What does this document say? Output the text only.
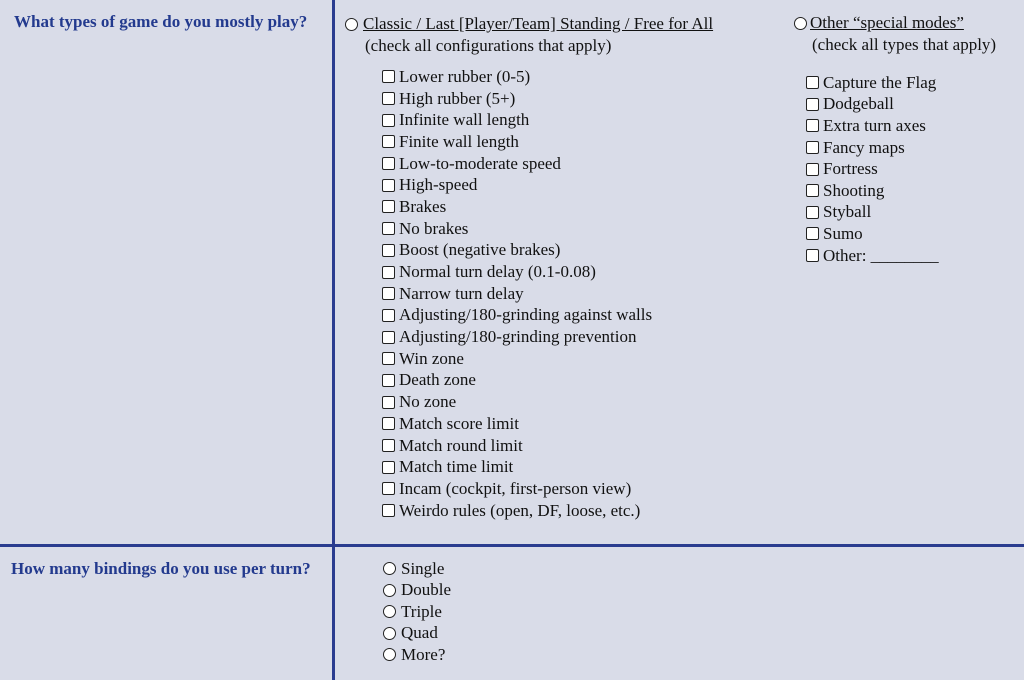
What types of game do you mostly play?	Classic / Last [Player/Team] Standing / Free for All
(check all configurations that apply)
Lower rubber (0-5)
High rubber (5+)
Infinite wall length
Finite wall length
Low-to-moderate speed
High-speed
Brakes
No brakes
Boost (negative brakes)
Normal turn delay (0.1-0.08)
Narrow turn delay
Adjusting/180-grinding against walls
Adjusting/180-grinding prevention
Win zone
Death zone
No zone
Match score limit
Match round limit
Match time limit
Incam (cockpit, first-person view)
Weirdo rules (open, DF, loose, etc.)
Other “special modes”
(check all types that apply)
Capture the Flag
Dodgeball
Extra turn axes
Fancy maps
Fortress
Shooting
Styball
Sumo
Other: ________
How many bindings do you use per turn?	Single
Double
Triple
Quad
More?
